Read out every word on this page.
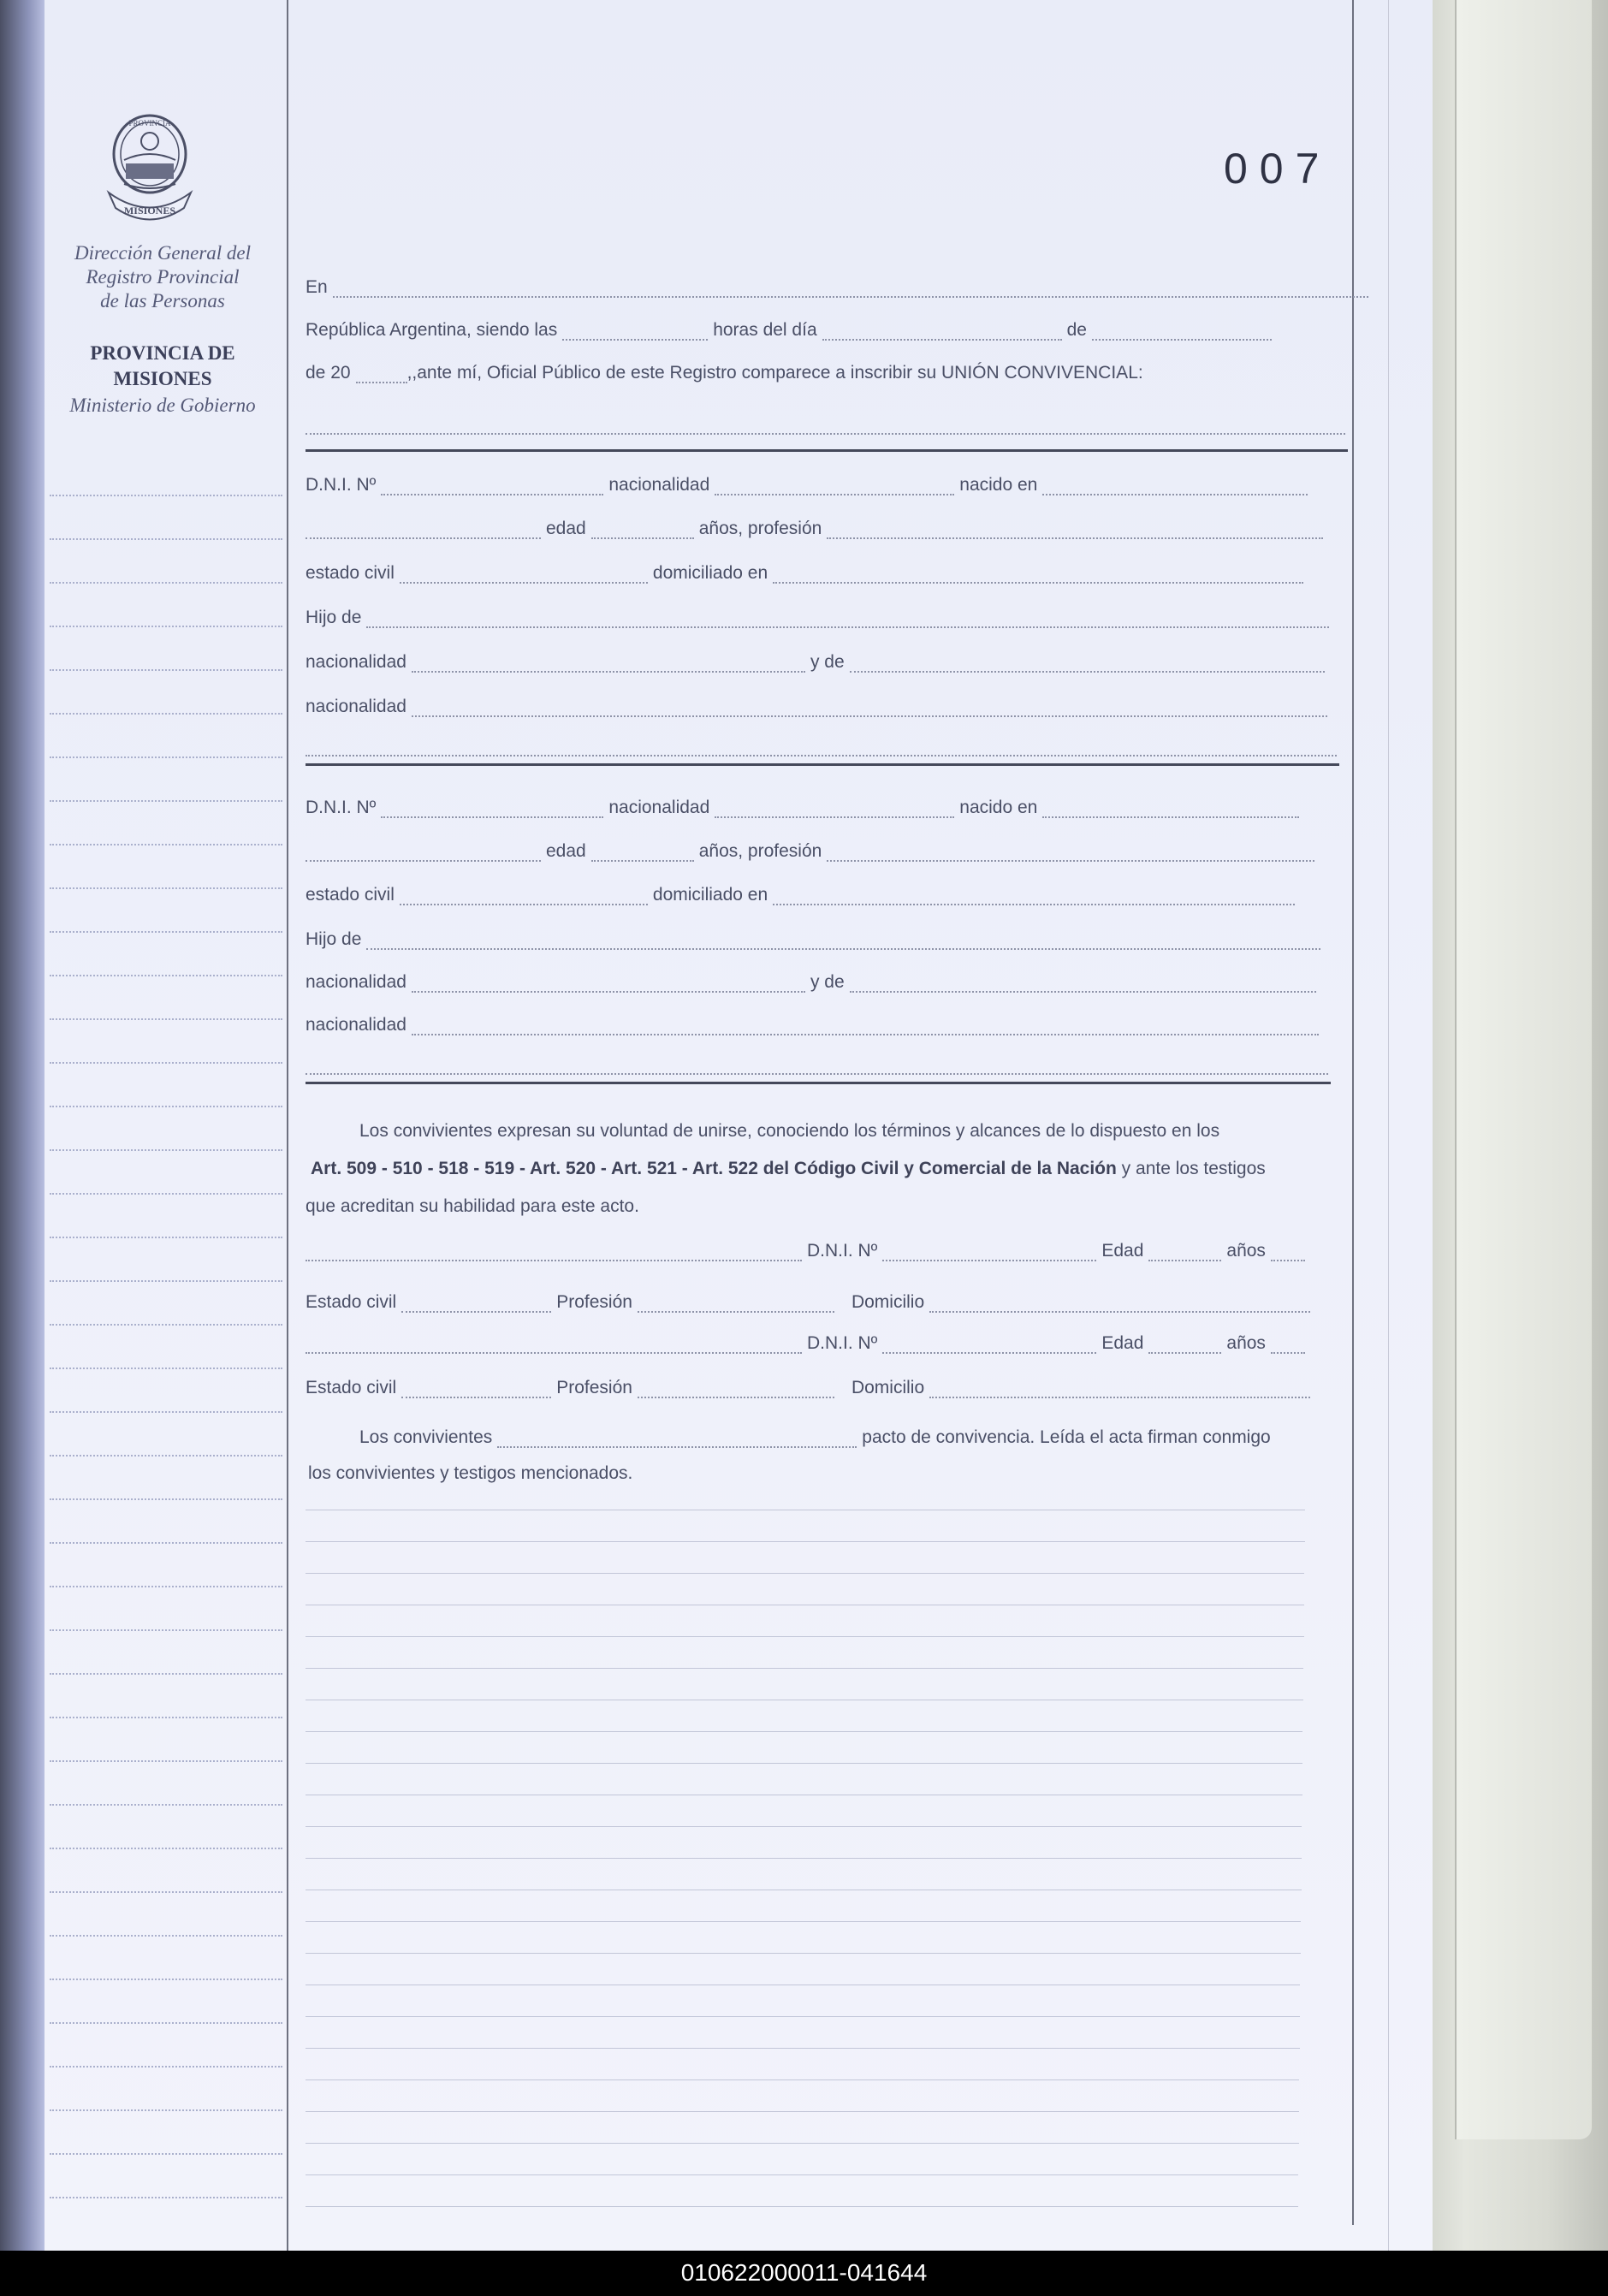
PROVINCIA
MISIONES
Dirección General del
Registro Provincial
de las Personas
PROVINCIA DE
MISIONES
Ministerio de Gobierno
007
En
República Argentina, siendo las	horas del día	de
de 20	,,ante mí, Oficial Público de este Registro comparece a inscribir su UNIÓN CONVIVENCIAL:
D.N.I. Nº	nacionalidad	nacido en
edad	años, profesión
estado civil	domiciliado en
Hijo de
nacionalidad	y de
nacionalidad
D.N.I. Nº	nacionalidad	nacido en
edad	años, profesión
estado civil	domiciliado en
Hijo de
nacionalidad	y de
nacionalidad
Los convivientes expresan su voluntad de unirse, conociendo los términos y alcances de lo dispuesto en los
Art. 509 - 510 - 518 - 519 - Art. 520 - Art. 521 - Art. 522 del Código Civil y Comercial de la Nación y ante los testigos
que acreditan su habilidad para este acto.
D.N.I. Nº	Edad	años
Estado civil	Profesión	Domicilio
D.N.I. Nº	Edad	años
Estado civil	Profesión	Domicilio
Los convivientes	pacto de convivencia. Leída el acta firman conmigo
los convivientes y testigos mencionados.
010622000011-041644
